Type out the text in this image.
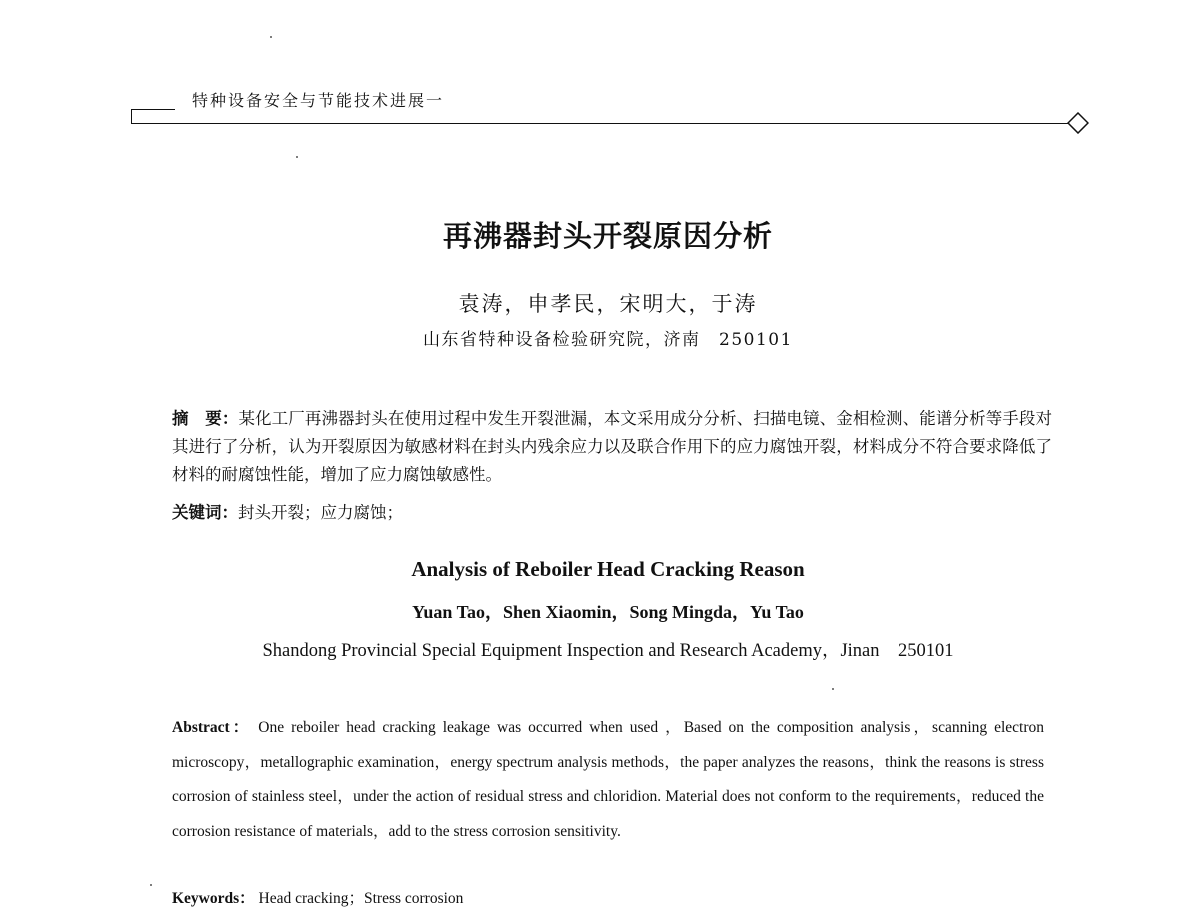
特种设备安全与节能技术进展一
再沸器封头开裂原因分析
袁涛，申孝民，宋明大，于涛
山东省特种设备检验研究院，济南　250101
摘　要：某化工厂再沸器封头在使用过程中发生开裂泄漏，本文采用成分分析、扫描电镜、金相检测、能谱分析等手段对其进行了分析，认为开裂原因为敏感材料在封头内残余应力以及联合作用下的应力腐蚀开裂，材料成分不符合要求降低了材料的耐腐蚀性能，增加了应力腐蚀敏感性。
关键词：封头开裂；应力腐蚀；
Analysis of Reboiler Head Cracking Reason
Yuan Tao，Shen Xiaomin，Song Mingda，Yu Tao
Shandong Provincial Special Equipment Inspection and Research Academy，Jinan　250101
Abstract： One reboiler head cracking leakage was occurred when used ，Based on the composition analysis，scanning electron microscopy，metallographic examination，energy spectrum analysis methods，the paper analyzes the reasons，think the reasons is stress corrosion of stainless steel，under the action of residual stress and chloridion. Material does not conform to the requirements，reduced the corrosion resistance of materials，add to the stress corrosion sensitivity.
Keywords： Head cracking；Stress corrosion
